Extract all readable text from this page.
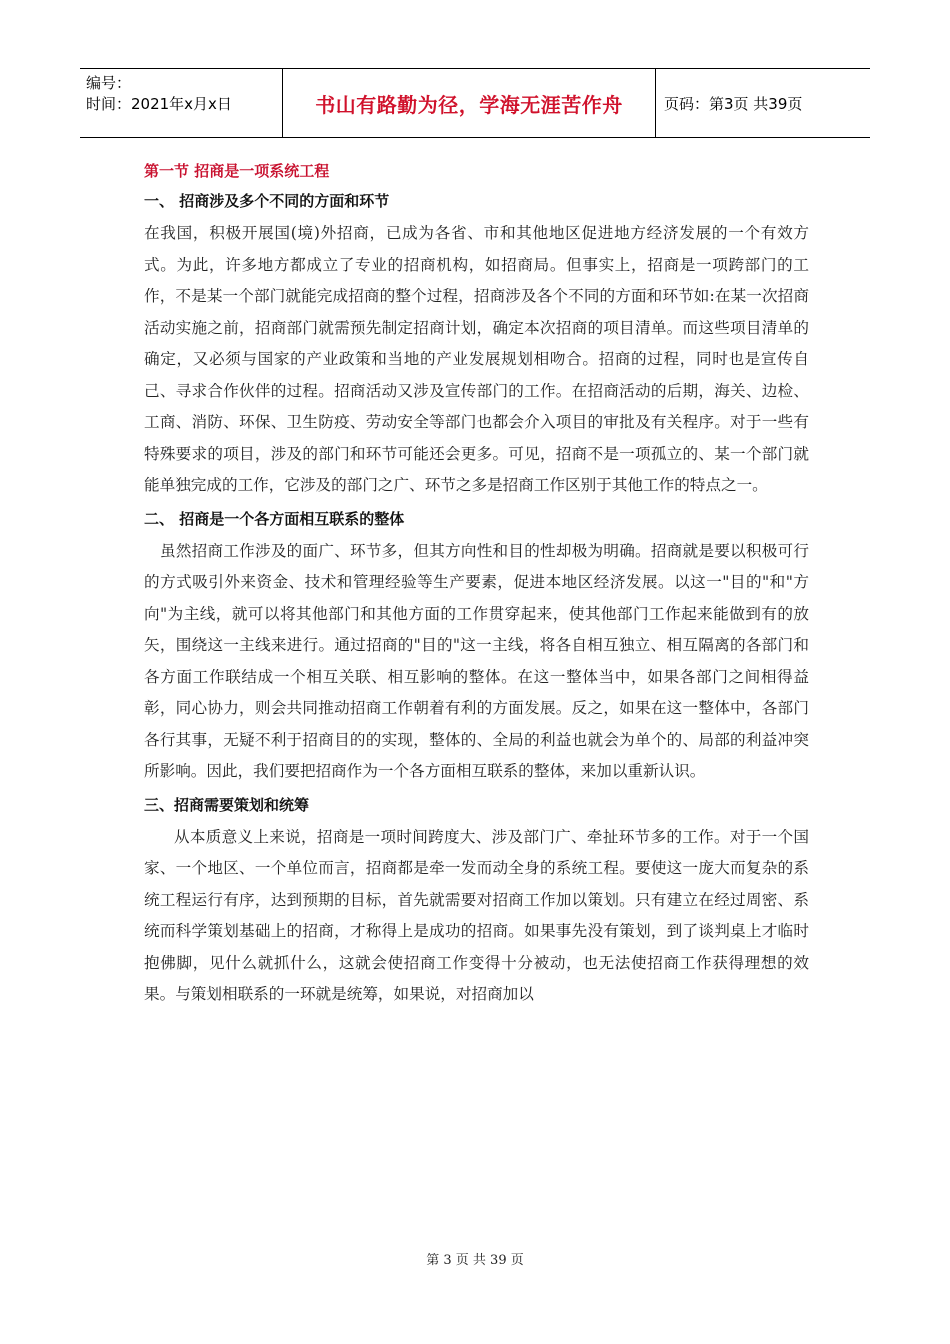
编号：
时间：2021年x月x日	书山有路勤为径，学海无涯苦作舟	页码：第3页 共39页
第一节 招商是一项系统工程
一、 招商涉及多个不同的方面和环节

在我国，积极开展国(境)外招商，已成为各省、市和其他地区促进地方经济发展的一个有效方式。为此，许多地方都成立了专业的招商机构，如招商局。但事实上，招商是一项跨部门的工作，不是某一个部门就能完成招商的整个过程，招商涉及各个不同的方面和环节如:在某一次招商活动实施之前，招商部门就需预先制定招商计划，确定本次招商的项目清单。而这些项目清单的确定，又必须与国家的产业政策和当地的产业发展规划相吻合。招商的过程，同时也是宣传自己、寻求合作伙伴的过程。招商活动又涉及宣传部门的工作。在招商活动的后期，海关、边检、工商、消防、环保、卫生防疫、劳动安全等部门也都会介入项目的审批及有关程序。对于一些有特殊要求的项目，涉及的部门和环节可能还会更多。可见，招商不是一项孤立的、某一个部门就能单独完成的工作，它涉及的部门之广、环节之多是招商工作区别于其他工作的特点之一。

二、 招商是一个各方面相互联系的整体

虽然招商工作涉及的面广、环节多，但其方向性和目的性却极为明确。招商就是要以积极可行的方式吸引外来资金、技术和管理经验等生产要素，促进本地区经济发展。以这一"目的"和"方向"为主线，就可以将其他部门和其他方面的工作贯穿起来，使其他部门工作起来能做到有的放矢，围绕这一主线来进行。通过招商的"目的"这一主线，将各自相互独立、相互隔离的各部门和各方面工作联结成一个相互关联、相互影响的整体。在这一整体当中，如果各部门之间相得益彰，同心协力，则会共同推动招商工作朝着有利的方面发展。反之，如果在这一整体中，各部门各行其事，无疑不利于招商目的的实现，整体的、全局的利益也就会为单个的、局部的利益冲突所影响。因此，我们要把招商作为一个各方面相互联系的整体，来加以重新认识。

三、招商需要策划和统筹

从本质意义上来说，招商是一项时间跨度大、涉及部门广、牵扯环节多的工作。对于一个国家、一个地区、一个单位而言，招商都是牵一发而动全身的系统工程。要使这一庞大而复杂的系统工程运行有序，达到预期的目标，首先就需要对招商工作加以策划。只有建立在经过周密、系统而科学策划基础上的招商，才称得上是成功的招商。如果事先没有策划，到了谈判桌上才临时抱佛脚，见什么就抓什么，这就会使招商工作变得十分被动，也无法使招商工作获得理想的效果。与策划相联系的一环就是统筹，如果说，对招商加以

第 3 页 共 39 页
